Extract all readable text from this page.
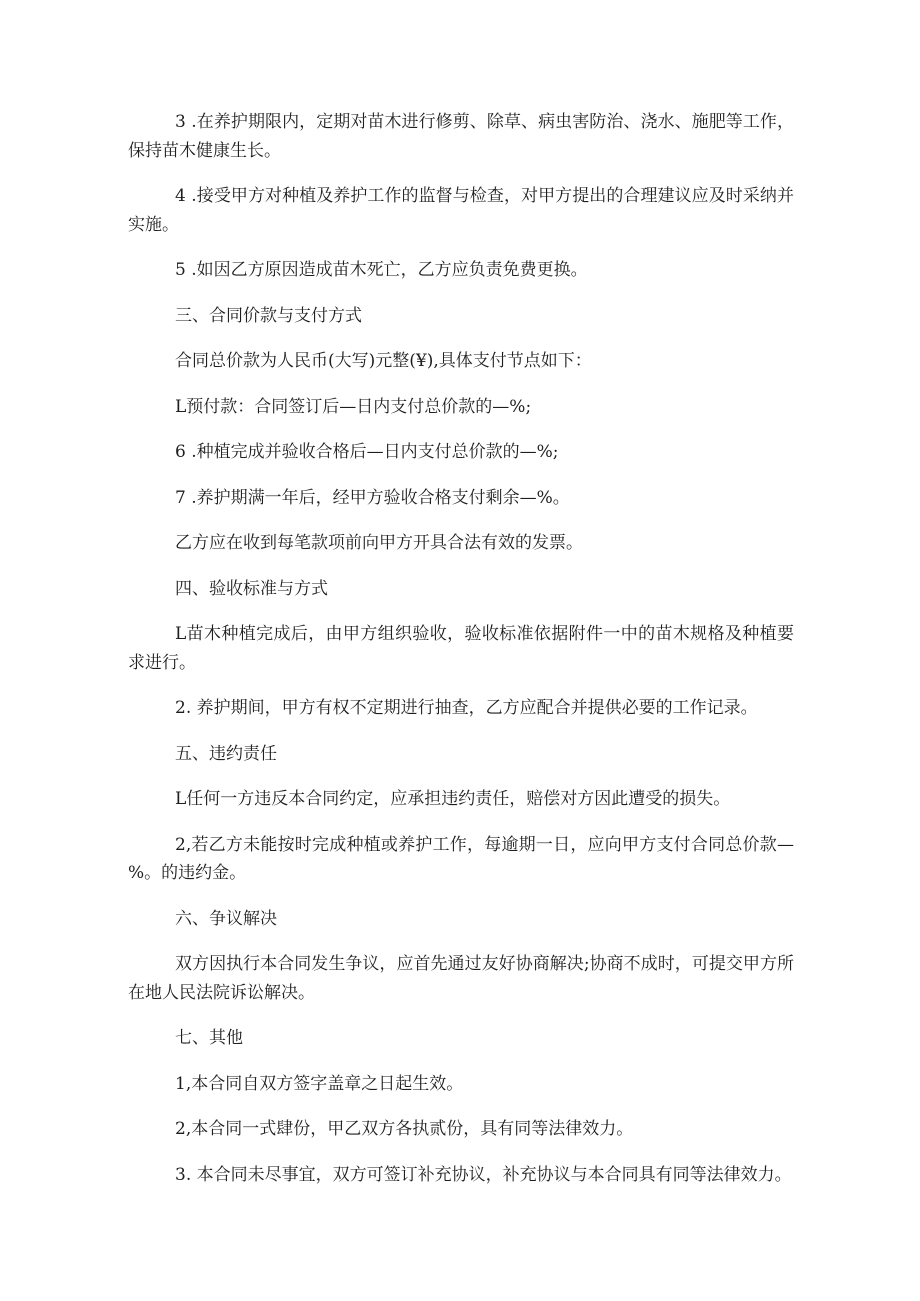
3 .在养护期限内，定期对苗木进行修剪、除草、病虫害防治、浇水、施肥等工作，保持苗木健康生长。

4 .接受甲方对种植及养护工作的监督与检查，对甲方提出的合理建议应及时采纳并实施。

5 .如因乙方原因造成苗木死亡，乙方应负责免费更换。

三、合同价款与支付方式

合同总价款为人民币(大写)元整(¥),具体支付节点如下：

L预付款：合同签订后—日内支付总价款的—%;

6 .种植完成并验收合格后—日内支付总价款的—%;

7 .养护期满一年后，经甲方验收合格支付剩余—%。

乙方应在收到每笔款项前向甲方开具合法有效的发票。

四、验收标准与方式

L苗木种植完成后，由甲方组织验收，验收标准依据附件一中的苗木规格及种植要求进行。

2. 养护期间，甲方有权不定期进行抽查，乙方应配合并提供必要的工作记录。

五、违约责任

L任何一方违反本合同约定，应承担违约责任，赔偿对方因此遭受的损失。

2,若乙方未能按时完成种植或养护工作，每逾期一日，应向甲方支付合同总价款—%。的违约金。

六、争议解决

双方因执行本合同发生争议，应首先通过友好协商解决;协商不成时，可提交甲方所在地人民法院诉讼解决。

七、其他

1,本合同自双方签字盖章之日起生效。

2,本合同一式肆份，甲乙双方各执贰份，具有同等法律效力。

3. 本合同未尽事宜，双方可签订补充协议，补充协议与本合同具有同等法律效力。
